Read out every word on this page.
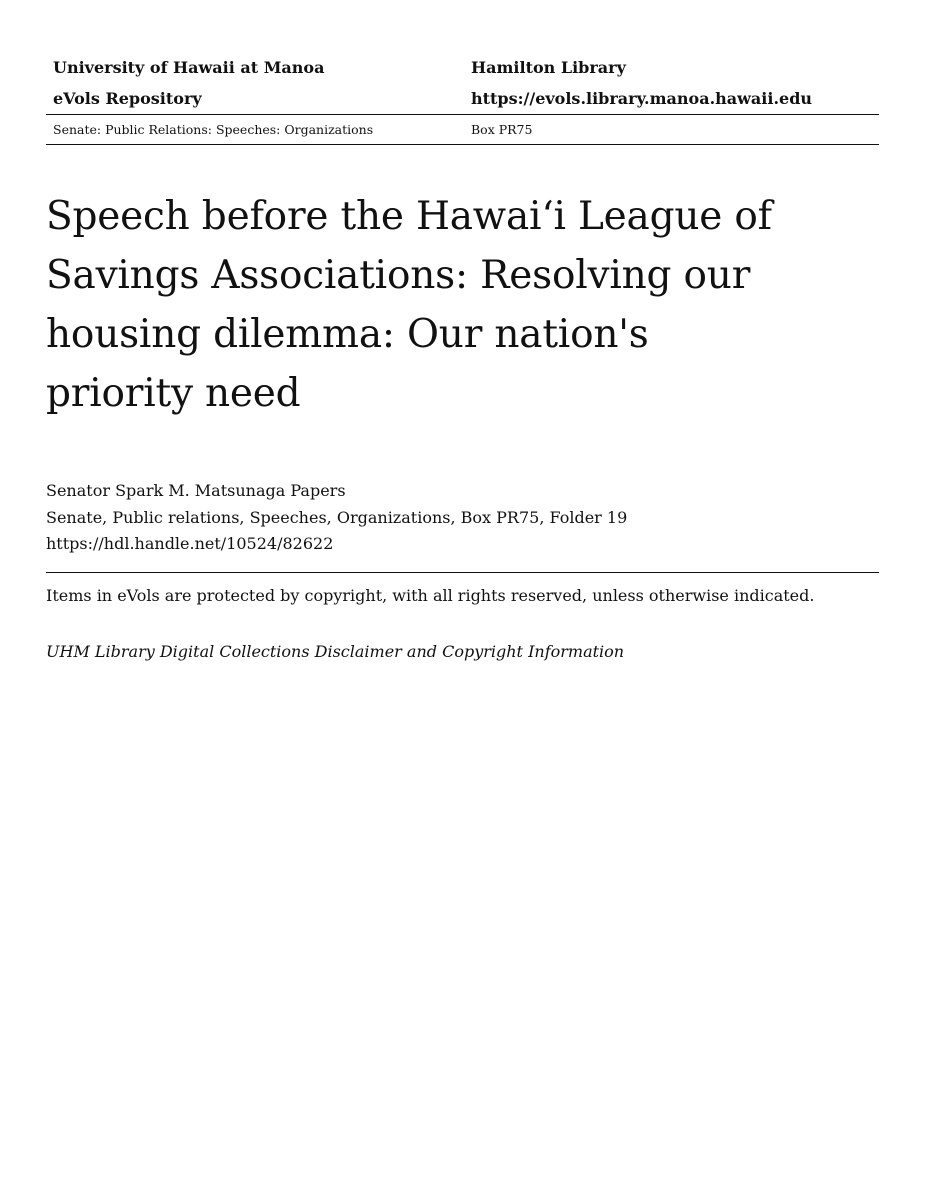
University of Hawaii at Manoa	Hamilton Library
eVols Repository	https://evols.library.manoa.hawaii.edu
Senate: Public Relations: Speeches: Organizations	Box PR75
Speech before the Hawai‘i League of Savings Associations: Resolving our housing dilemma: Our nation's priority need
Senator Spark M. Matsunaga Papers
Senate, Public relations, Speeches, Organizations, Box PR75, Folder 19
https://hdl.handle.net/10524/82622
Items in eVols are protected by copyright, with all rights reserved, unless otherwise indicated.
UHM Library Digital Collections Disclaimer and Copyright Information
